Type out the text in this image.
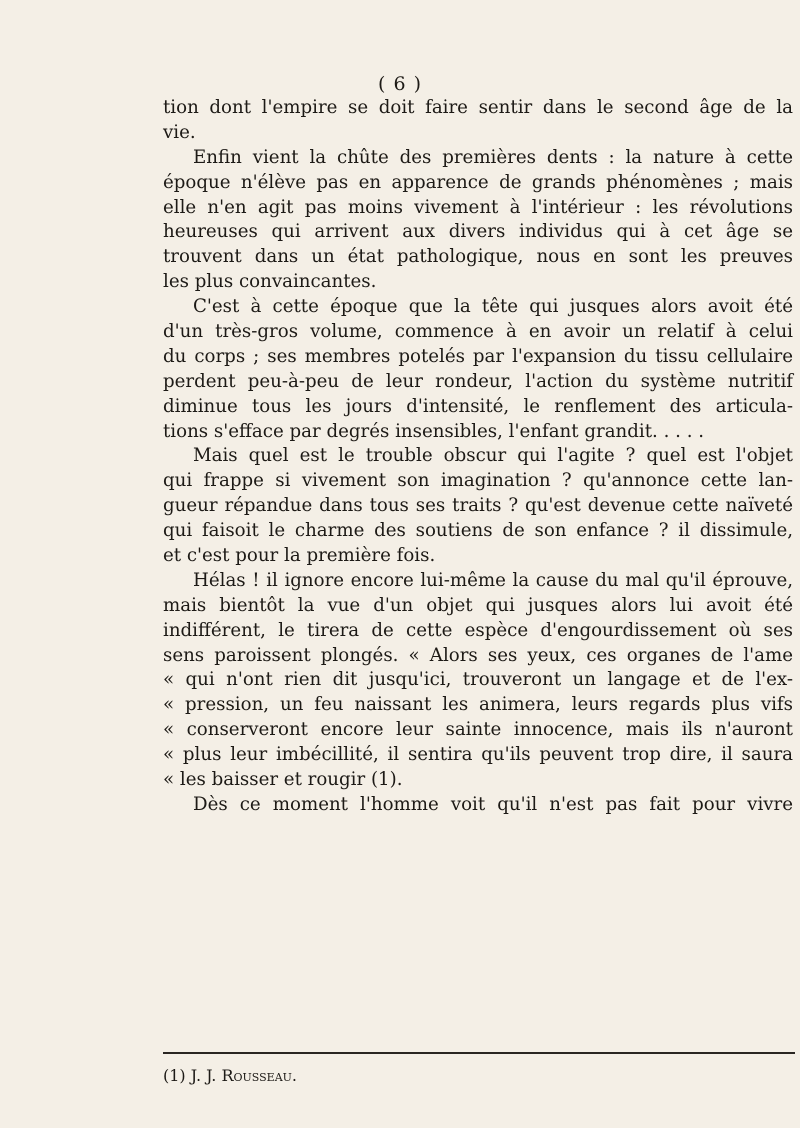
( 6 )
tion dont l'empire se doit faire sentir dans le second âge de la
vie.
Enfin vient la chûte des premières dents : la nature à cette
époque n'élève pas en apparence de grands phénomènes ; mais
elle n'en agit pas moins vivement à l'intérieur : les révolutions
heureuses qui arrivent aux divers individus qui à cet âge se
trouvent dans un état pathologique, nous en sont les preuves
les plus convaincantes.
C'est à cette époque que la tête qui jusques alors avoit été
d'un très-gros volume, commence à en avoir un relatif à celui
du corps ; ses membres potelés par l'expansion du tissu cellulaire
perdent peu-à-peu de leur rondeur, l'action du système nutritif
diminue tous les jours d'intensité, le renflement des articula-
tions s'efface par degrés insensibles, l'enfant grandit. . . . .
Mais quel est le trouble obscur qui l'agite ? quel est l'objet
qui frappe si vivement son imagination ? qu'annonce cette lan-
gueur répandue dans tous ses traits ? qu'est devenue cette naïveté
qui faisoit le charme des soutiens de son enfance ? il dissimule,
et c'est pour la première fois.
Hélas ! il ignore encore lui-même la cause du mal qu'il éprouve,
mais bientôt la vue d'un objet qui jusques alors lui avoit été
indifférent, le tirera de cette espèce d'engourdissement où ses
sens paroissent plongés. « Alors ses yeux, ces organes de l'ame
« qui n'ont rien dit jusqu'ici, trouveront un langage et de l'ex-
« pression, un feu naissant les animera, leurs regards plus vifs
« conserveront encore leur sainte innocence, mais ils n'auront
« plus leur imbécillité, il sentira qu'ils peuvent trop dire, il saura
« les baisser et rougir (1).
Dès ce moment l'homme voit qu'il n'est pas fait pour vivre
(1) J. J. Rousseau.
